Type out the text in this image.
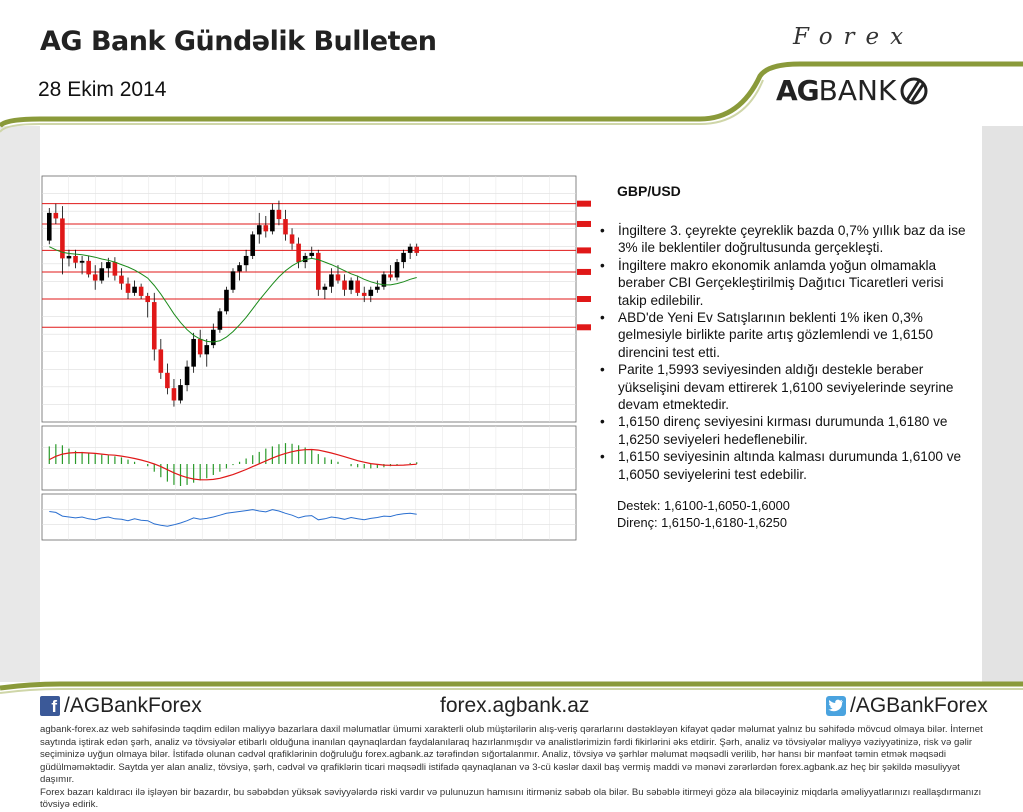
AG Bank Gündəlik Bulleten
28 Ekim 2014
Forex
AG BANK
GBP/USD
• İngiltere 3. çeyrekte çeyreklik bazda 0,7% yıllık baz da ise 3% ile beklentiler doğrultusunda gerçekleşti.
• İngiltere makro ekonomik anlamda yoğun olmamakla beraber CBI Gerçekleştirilmiş Dağıtıcı Ticaretleri verisi takip edilebilir.
• ABD'de Yeni Ev Satışlarının beklenti 1% iken 0,3% gelmesiyle birlikte parite artış gözlemlendi ve 1,6150 direncini test etti.
• Parite 1,5993 seviyesinden aldığı destekle beraber yükselişini devam ettirerek 1,6100 seviyelerinde seyrine devam etmektedir.
• 1,6150 direnç seviyesini kırması durumunda 1,6180 ve 1,6250 seviyeleri hedeflenebilir.
• 1,6150 seviyesinin altında kalması durumunda 1,6100 ve 1,6050 seviyelerini test edebilir.
Destek: 1,6100-1,6050-1,6000
Direnç: 1,6150-1,6180-1,6250
f /AGBankForex	forex.agbank.az	/AGBankForex
agbank-forex.az web səhifəsində təqdim edilən maliyyə bazarlara daxil məlumatlar ümumi xarakterli olub müştərilərin alış-veriş qərarlarını dəstəkləyən kifayət qədər məlumat yalnız bu səhifədə mövcud olmaya bilər. İnternet
saytında iştirak edən şərh, analiz və tövsiyələr etibarlı olduğuna inanılan qaynaqlardan faydalanılaraq hazırlanmışdır və analistlərimizin fərdi fikirlərini əks etdirir. Şərh, analiz və tövsiyələr maliyyə vəziyyətinizə, risk və gəlir
seçiminizə uyğun olmaya bilər. İstifadə olunan cədvəl qrafiklərinin doğruluğu forex.agbank.az tərəfindən sığortalanmır. Analiz, tövsiyə və şərhlər məlumat məqsədli verilib, hər hansı bir mənfəət təmin etmək məqsədi
güdülməməktədir. Saytda yer alan analiz, tövsiyə, şərh, cədvəl və qrafiklərin ticari məqsədli istifadə qaynaqlanan və 3-cü kəslər daxil baş vermiş maddi və mənəvi zərərlərdən forex.agbank.az heç bir şəkildə məsuliyyət daşımır.
Forex bazarı kaldıracı ilə işləyən bir bazardır, bu səbəbdən yüksək səviyyələrdə riski vardır və pulunuzun hamısını itirməniz səbəb ola bilər. Bu səbəblə itirmeyi gözə ala biləcəyiniz miqdarla əməliyyatlarınızı reallaşdırmanızı
tövsiyə edirik.
